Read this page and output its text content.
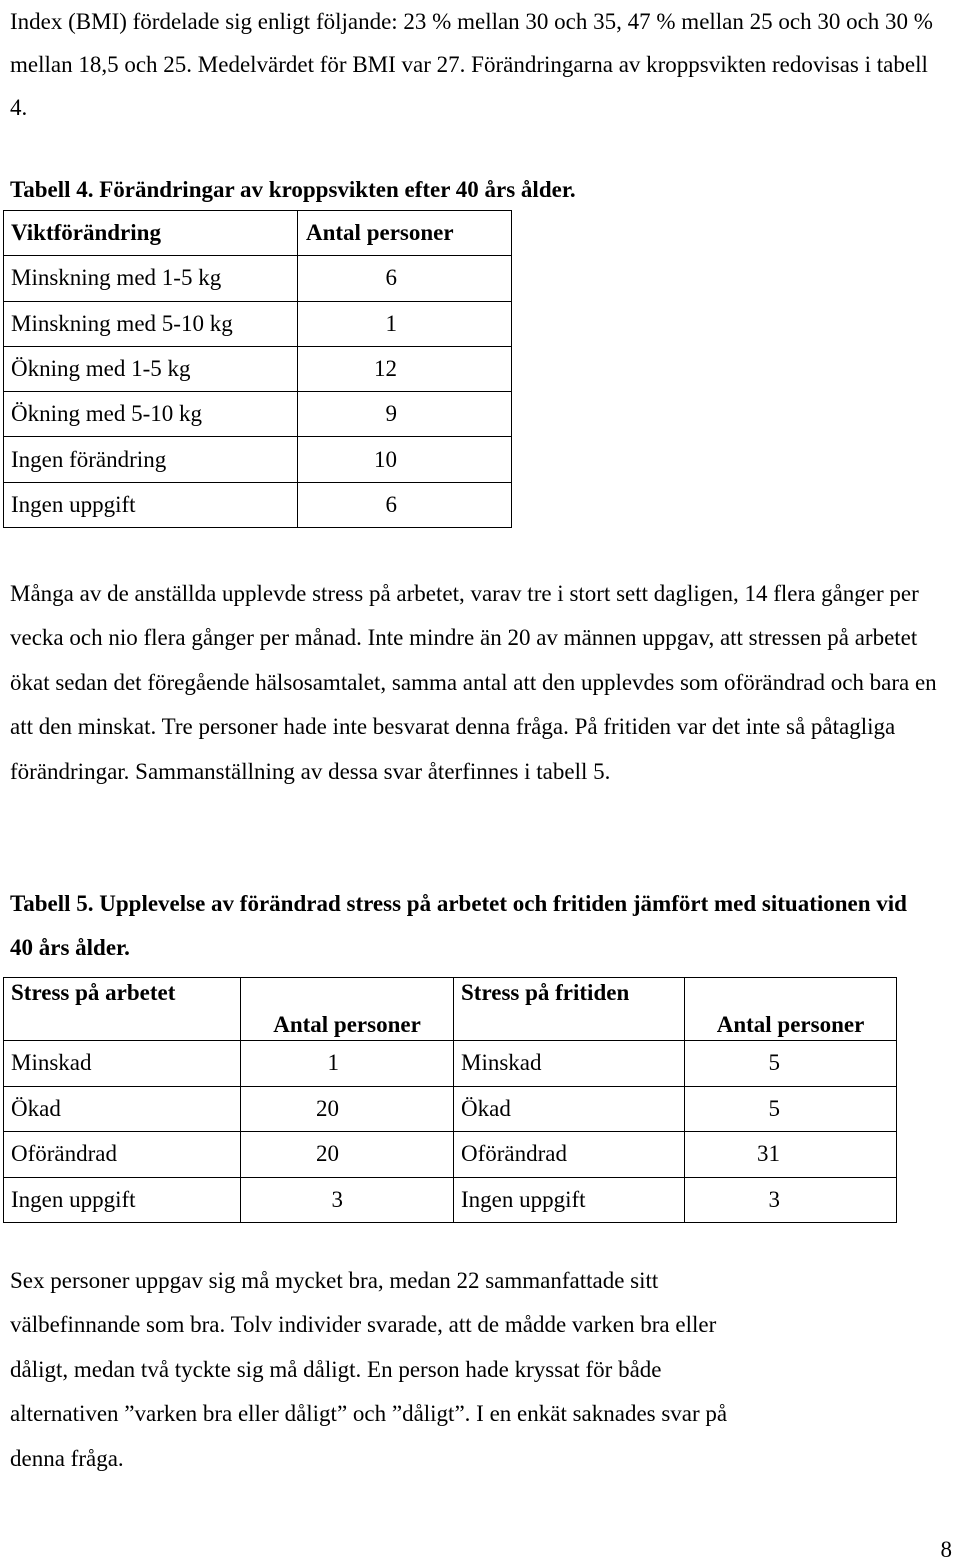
Index (BMI) fördelade sig enligt följande: 23 % mellan 30 och 35, 47 % mellan 25 och 30 och 30 % mellan 18,5 och 25. Medelvärdet för BMI var 27. Förändringarna av kroppsvikten redovisas i tabell 4.

Tabell 4. Förändringar av kroppsvikten efter 40 års ålder.

Viktförändring	Antal personer
Minskning med 1-5 kg	6
Minskning med 5-10 kg	1
Ökning med 1-5 kg	12
Ökning med 5-10 kg	9
Ingen förändring	10
Ingen uppgift	6

Många av de anställda upplevde stress på arbetet, varav tre i stort sett dagligen, 14 flera gånger per vecka och nio flera gånger per månad. Inte mindre än 20 av männen uppgav, att stressen på arbetet ökat sedan det föregående hälsosamtalet, samma antal att den upplevdes som oförändrad och bara en att den minskat. Tre personer hade inte besvarat denna fråga. På fritiden var det inte så påtagliga förändringar. Sammanställning av dessa svar återfinnes i tabell 5.

Tabell 5. Upplevelse av förändrad stress på arbetet och fritiden jämfört med situationen vid 40 års ålder.

Stress på arbetet	Antal personer	Stress på fritiden	Antal personer
Minskad	1	Minskad	5
Ökad	20	Ökad	5
Oförändrad	20	Oförändrad	31
Ingen uppgift	3	Ingen uppgift	3

Sex personer uppgav sig må mycket bra, medan 22 sammanfattade sitt välbefinnande som bra. Tolv individer svarade, att de mådde varken bra eller dåligt, medan två tyckte sig må dåligt. En person hade kryssat för både alternativen ”varken bra eller dåligt” och ”dåligt”. I en enkät saknades svar på denna fråga.

8
